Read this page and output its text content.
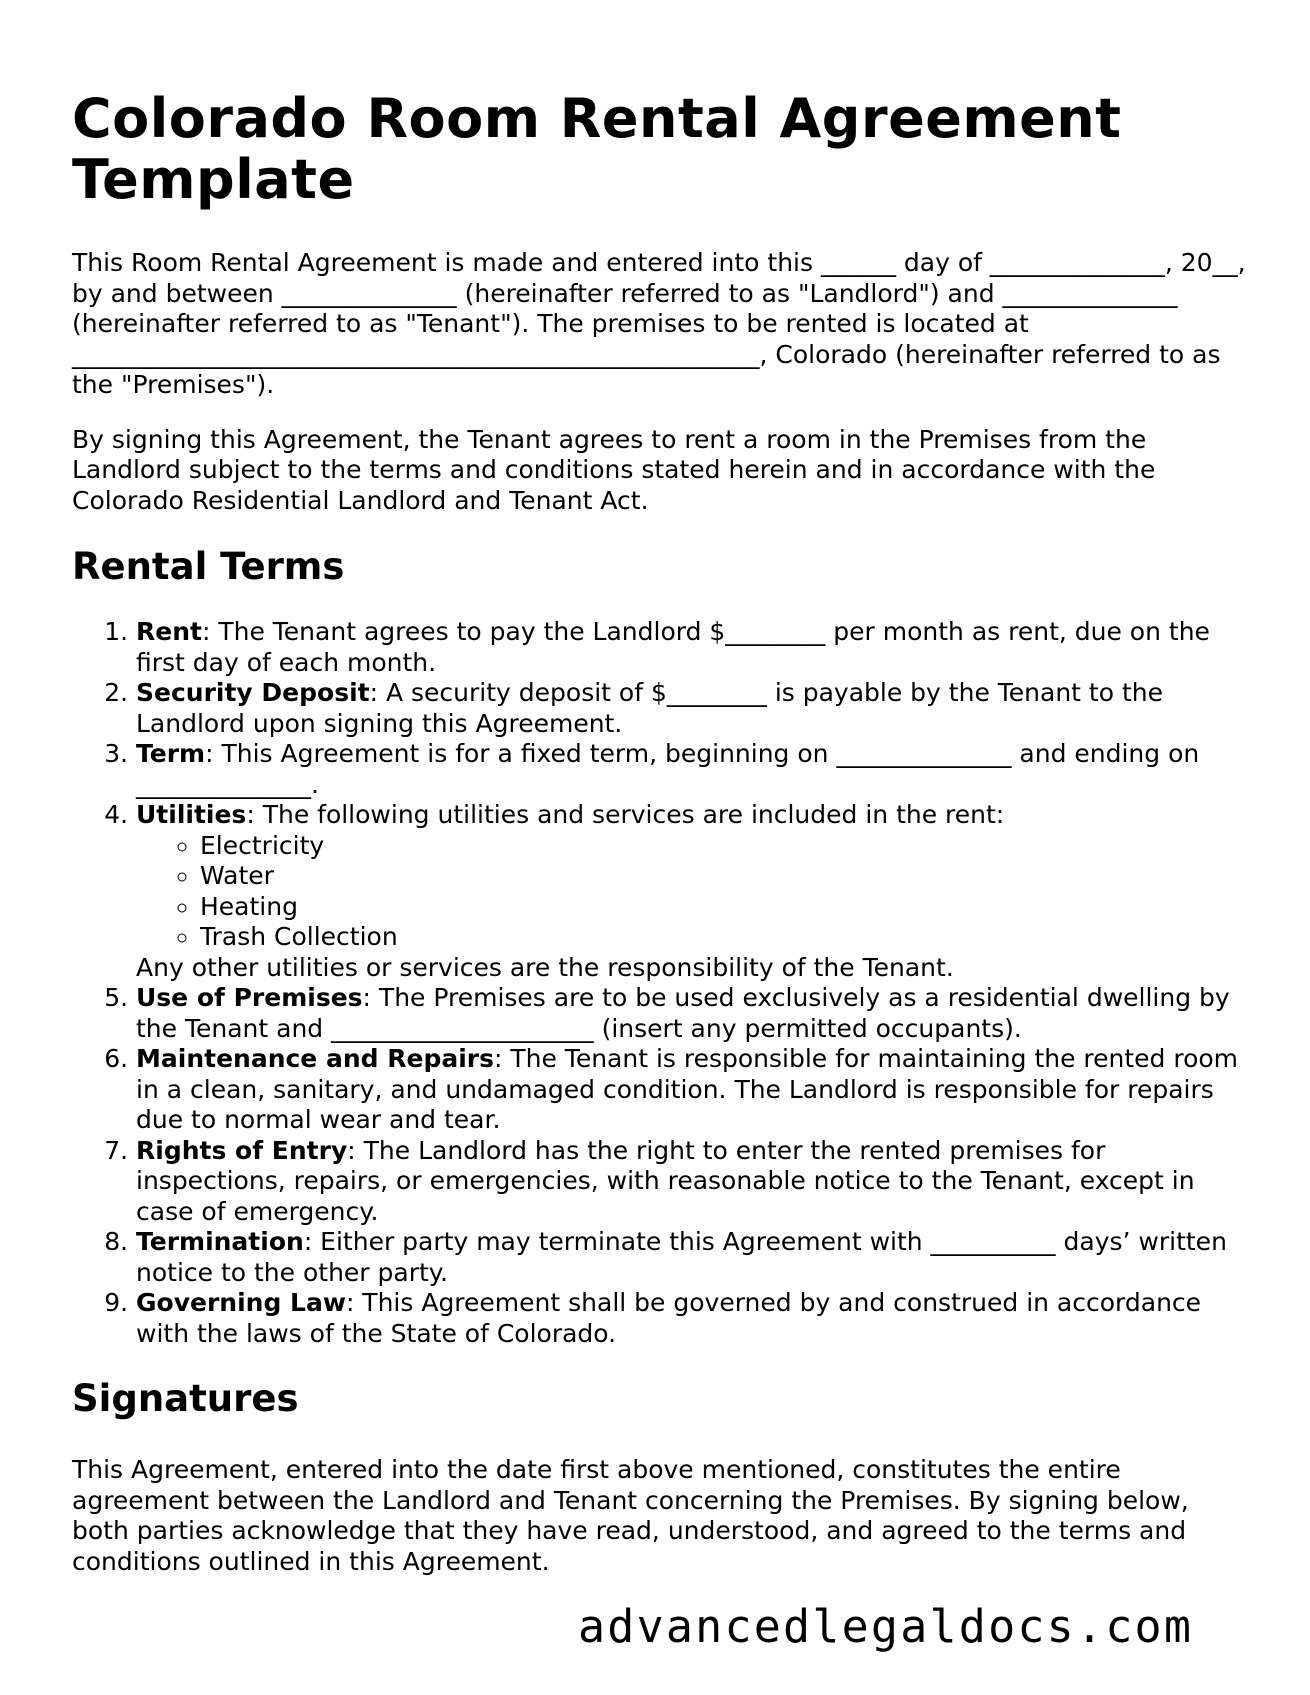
Colorado Room Rental Agreement Template

This Room Rental Agreement is made and entered into this ______ day of ______________, 20__, by and between ______________ (hereinafter referred to as "Landlord") and ______________ (hereinafter referred to as "Tenant"). The premises to be rented is located at _______________________________________________________, Colorado (hereinafter referred to as the "Premises").

By signing this Agreement, the Tenant agrees to rent a room in the Premises from the Landlord subject to the terms and conditions stated herein and in accordance with the Colorado Residential Landlord and Tenant Act.

Rental Terms
1. Rent: The Tenant agrees to pay the Landlord $________ per month as rent, due on the first day of each month.
2. Security Deposit: A security deposit of $________ is payable by the Tenant to the Landlord upon signing this Agreement.
3. Term: This Agreement is for a fixed term, beginning on ______________ and ending on ______________.
4. Utilities: The following utilities and services are included in the rent:
◦ Electricity
◦ Water
◦ Heating
◦ Trash Collection
Any other utilities or services are the responsibility of the Tenant.
5. Use of Premises: The Premises are to be used exclusively as a residential dwelling by the Tenant and _____________________ (insert any permitted occupants).
6. Maintenance and Repairs: The Tenant is responsible for maintaining the rented room in a clean, sanitary, and undamaged condition. The Landlord is responsible for repairs due to normal wear and tear.
7. Rights of Entry: The Landlord has the right to enter the rented premises for inspections, repairs, or emergencies, with reasonable notice to the Tenant, except in case of emergency.
8. Termination: Either party may terminate this Agreement with __________ days’ written notice to the other party.
9. Governing Law: This Agreement shall be governed by and construed in accordance with the laws of the State of Colorado.
Signatures

This Agreement, entered into the date first above mentioned, constitutes the entire agreement between the Landlord and Tenant concerning the Premises. By signing below, both parties acknowledge that they have read, understood, and agreed to the terms and conditions outlined in this Agreement.

advancedlegaldocs.com
